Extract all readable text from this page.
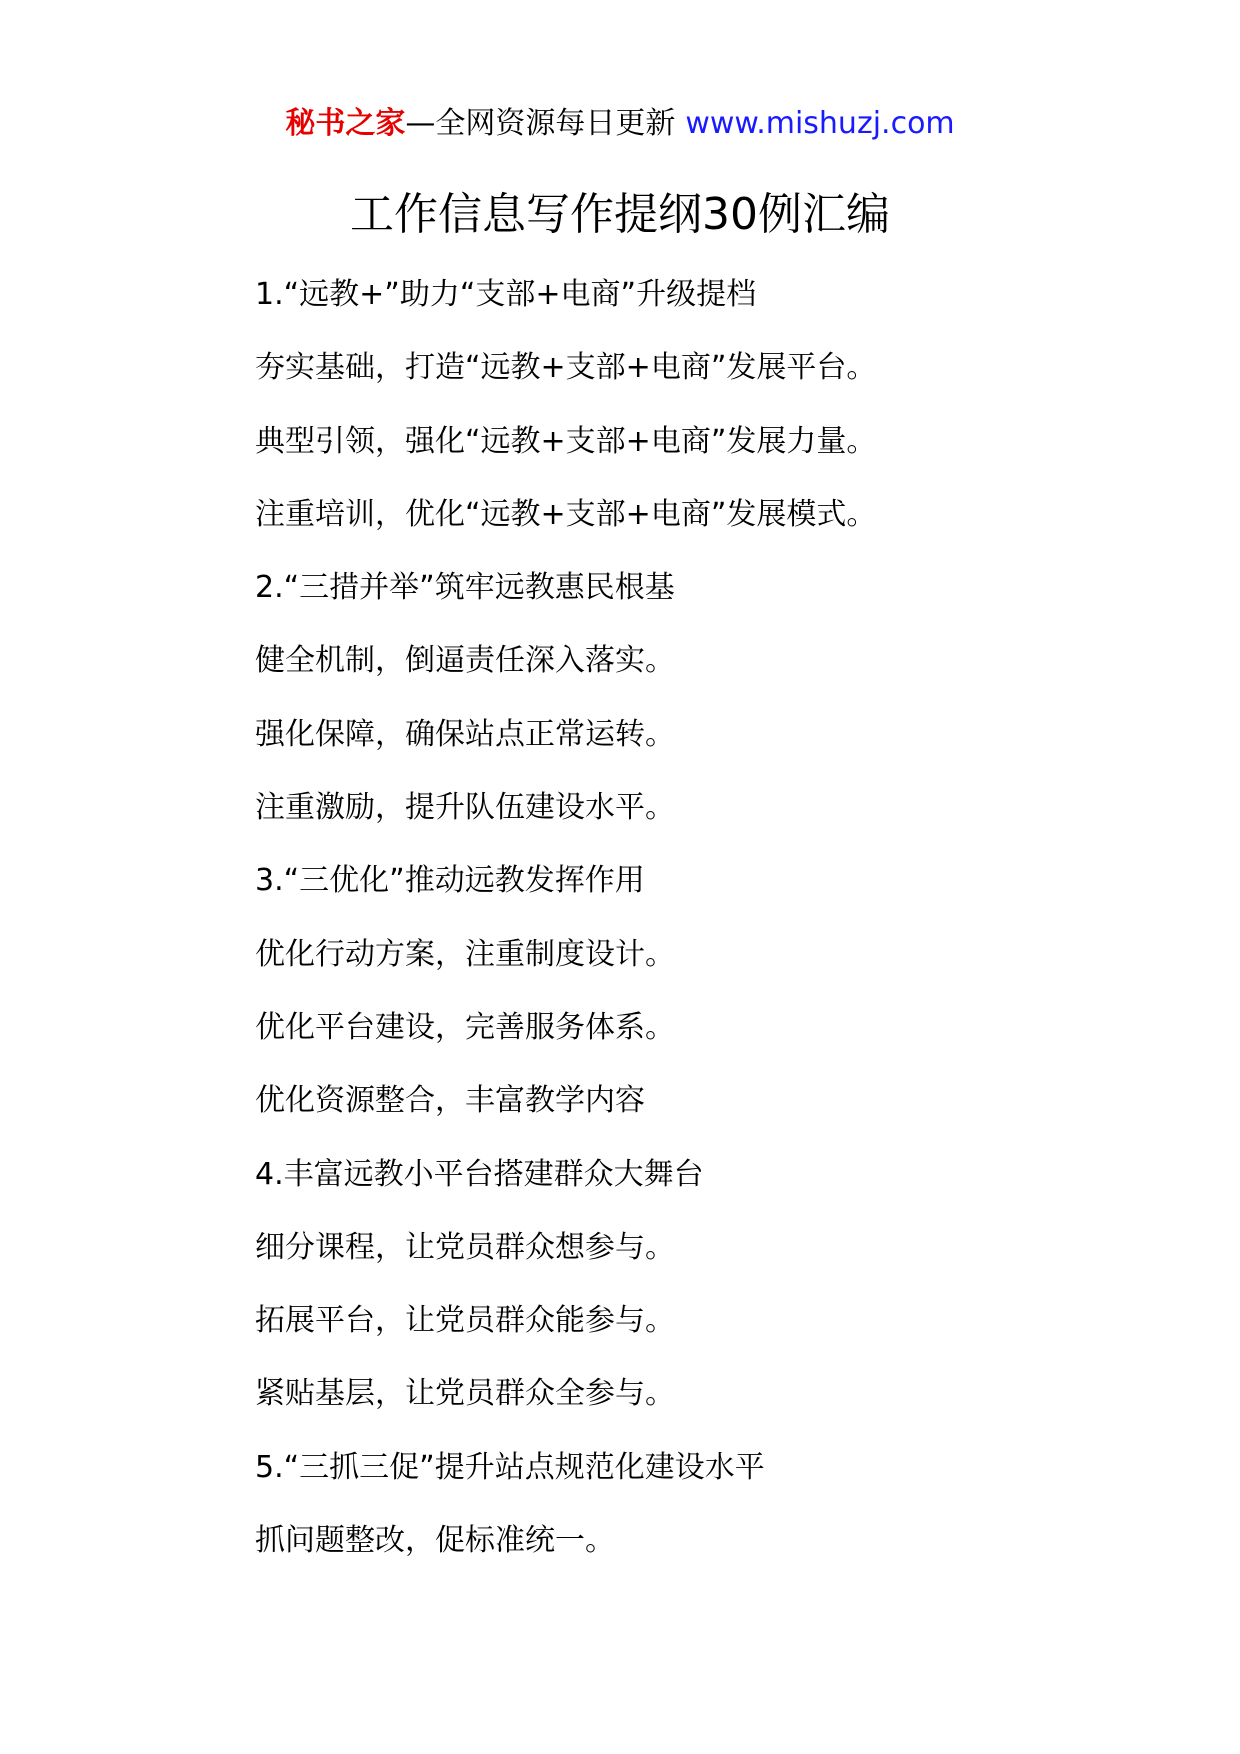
秘书之家—全网资源每日更新 www.mishuzj.com
工作信息写作提纲30例汇编
1.“远教+”助力“支部+电商”升级提档
夯实基础，打造“远教+支部+电商”发展平台。
典型引领，强化“远教+支部+电商”发展力量。
注重培训，优化“远教+支部+电商”发展模式。
2.“三措并举”筑牢远教惠民根基
健全机制，倒逼责任深入落实。
强化保障，确保站点正常运转。
注重激励，提升队伍建设水平。
3.“三优化”推动远教发挥作用
优化行动方案，注重制度设计。
优化平台建设，完善服务体系。
优化资源整合，丰富教学内容
4.丰富远教小平台搭建群众大舞台
细分课程，让党员群众想参与。
拓展平台，让党员群众能参与。
紧贴基层，让党员群众全参与。
5.“三抓三促”提升站点规范化建设水平
抓问题整改，促标准统一。
